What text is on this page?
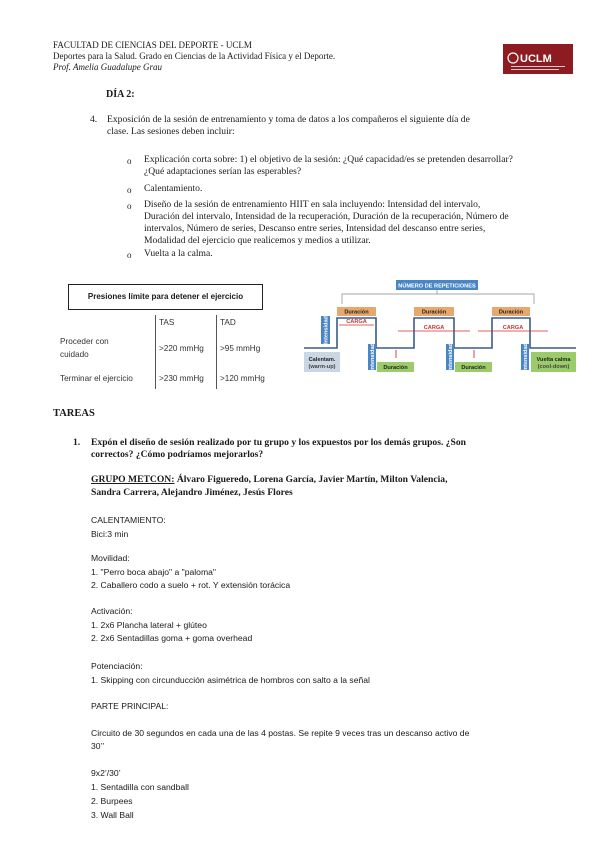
FACULTAD DE CIENCIAS DEL DEPORTE - UCLM
Deportes para la Salud. Grado en Ciencias de la Actividad Física y el Deporte.
Prof. Amelia Guadalupe Grau
UCLM
DÍA 2:
4. Exposición de la sesión de entrenamiento y toma de datos a los compañeros el siguiente día de
clase. Las sesiones deben incluir:
o Explicación corta sobre: 1) el objetivo de la sesión: ¿Qué capacidad/es se pretenden desarrollar?
¿Qué adaptaciones serían las esperables?
o Calentamiento.
o Diseño de la sesión de entrenamiento HIIT en sala incluyendo: Intensidad del intervalo,
Duración del intervalo, Intensidad de la recuperación, Duración de la recuperación, Número de
intervalos, Número de series, Descanso entre series, Intensidad del descanso entre series,
Modalidad del ejercicio que realicemos y medios a utilizar.
o Vuelta a la calma.
Presiones límite para detener el ejercicio
	TAS	TAD

Proceder con
cuidado	>220 mmHg	>95 mmHg
Terminar el ejercicio	>230 mmHg	>120 mmHg
NÚMERO DE REPETICIONES
Duración	Duración	Duración
CARGA
CARGA	CARGA
Intensidad
Intensidad	Intensidad	Intensidad
Calentam.
(warm-up)	Duración	Duración
Vuelta calma
(cool-down)
TAREAS
1. Expón el diseño de sesión realizado por tu grupo y los expuestos por los demás grupos. ¿Son
correctos? ¿Cómo podríamos mejorarlos?
GRUPO METCON: Álvaro Figueredo, Lorena García, Javier Martín, Milton Valencia,
Sandra Carrera, Alejandro Jiménez, Jesús Flores
CALENTAMIENTO:
Bici:3 min
Movilidad:
1. "Perro boca abajo" a "paloma"
2. Caballero codo a suelo + rot. Y extensión torácica
Activación:
1. 2x6 Plancha lateral + glúteo
2. 2x6 Sentadillas goma + goma overhead
Potenciación:
1. Skipping con circunducción asimétrica de hombros con salto a la señal
PARTE PRINCIPAL:
Circuito de 30 segundos en cada una de las 4 postas. Se repite 9 veces tras un descanso activo de
30’’
9x2’/30’
1. Sentadilla con sandball
2. Burpees
3. Wall Ball
